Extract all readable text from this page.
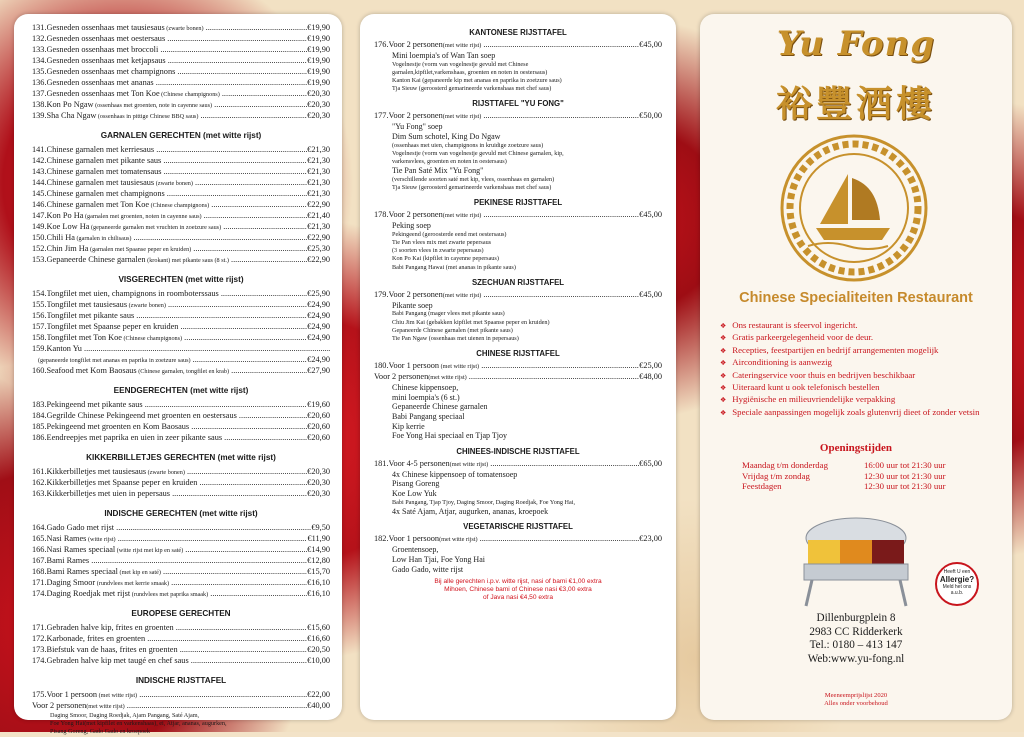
131. Gesneden ossenhaas met tausiesaus (zwarte bonen) .....	€19,90
132. Gesneden ossenhaas met oestersaus .....	€19,90
133. Gesneden ossenhaas met broccoli .....	€19,90
134. Gesneden ossenhaas met ketjapsaus .....	€19,90
135. Gesneden ossenhaas met champignons .....	€19,90
136. Gesneden ossenhaas met ananas .....	€19,90
137. Gesneden ossenhaas met Ton Koe (Chinese champignons) .....	€20,30
138. Kon Po Ngaw (ossenhaas met groenten, note in cayenne saus) .....	€20,30
139. Sha Cha Ngaw (ossenhaas in pittige Chinese BBQ saus) .....	€20,30
GARNALEN GERECHTEN (met witte rijst)
141. Chinese garnalen met kerriesaus .....	€21,30
142. Chinese garnalen met pikante saus .....	€21,30
143. Chinese garnalen met tomatensaus .....	€21,30
144. Chinese garnalen met tausiesaus (zwarte bonen) .....	€21,30
145. Chinese garnalen met champignons .....	€21,30
146. Chinese garnalen met Ton Koe (Chinese champignons) .....	€22,90
147. Kon Po Ha (garnalen met groenten, noten in cayenne saus) .....	€21,40
149. Koe Low Ha (gepaneerde garnalen met vruchten in zoetzure saus) .....	€21,30
150. Chili Ha (garnalen in chilisaus) .....	€22,90
152. Chin Jim Ha (garnalen met Spaanse peper en kruiden) .....	€25,30
153. Gepaneerde Chinese garnalen (krokant) met pikante saus (8 st.) .....	€22,90
VISGERECHTEN (met witte rijst)
154. Tongfilet met uien, champignons in roomboterssaus .....	€25,90
155. Tongfilet met tausiesaus (zwarte bonen) .....	€24,90
156. Tongfilet met pikante saus .....	€24,90
157. Tongfilet met Spaanse peper en kruiden .....	€24,90
158. Tongfilet met Ton Koe (Chinese champignons) .....	€24,90
159. Kanton Yu .....
(gepaneerde tongfilet met ananas en paprika in zoetzure saus) .....	€24,90
160. Seafood met Kom Baosaus (Chinese garnalen, tongfilet en krab) .....	€27,90
EENDGERECHTEN (met witte rijst)
183. Pekingeend met pikante saus .....	€19,60
184. Gegrilde Chinese Pekingeend met groenten en oestersaus .....	€20,60
185. Pekingeend met groenten en Kom Baosaus .....	€20,60
186. Eendreepjes met paprika en uien in zeer pikante saus .....	€20,60
KIKKERBILLETJES GERECHTEN (met witte rijst)
161. Kikkerbilletjes met tausiesaus (zwarte bonen) .....	€20,30
162. Kikkerbilletjes met Spaanse peper en kruiden .....	€20,30
163. Kikkerbilletjes met uien in pepersaus .....	€20,30
INDISCHE GERECHTEN (met witte rijst)
164. Gado Gado met rijst .....	€9,50
165. Nasi Rames (witte rijst) .....	€11,90
166. Nasi Rames speciaal (witte rijst met kip en saté) .....	€14,90
167. Bami Rames .....	€12,80
168. Bami Rames speciaal (met kip en saté) .....	€15,70
171. Daging Smoor (rundvlees met kerrie smaak) .....	€16,10
174. Daging Roedjak met rijst (rundvlees met paprika smaak) .....	€16,10
EUROPESE GERECHTEN
171. Gebraden halve kip, frites en groenten .....	€15,60
172. Karbonade, frites en groenten .....	€16,60
173. Biefstuk van de haas, frites en groenten .....	€20,50
174. Gebraden halve kip met taugé en chef saus .....	€10,00
INDISCHE RIJSTTAFEL
175. Voor 1 persoon (met witte rijst) .....	€22,00
Voor 2 personen(met witte rijst) .....	€40,00
Daging Smoor, Daging Roedjak, Ajam Pangang, Saté Ajam,
Foe Yong Hai(met kipfilet en varkenshaas), ei, Atjar, ananas, augurken,
Pisang Goreng, Gado Gado en kroepoek
KANTONESE RIJSTTAFEL
176. Voor 2 personen(met witte rijst) .....	€45,00
Mini loempia's of Wan Tan soep
Vogelnestje (vorm van vogelnestje gevuld met Chinese
garnalen,kipfilet,varkenshaas, groenten en noten in oestersaus)
Kanton Kai (gepaneerde kip met ananas en paprika in zoetzure saus)
Tja Sieuw (geroosterd gemarineerde varkenshaas met chef saus)
RIJSTTAFEL "YU FONG"
177. Voor 2 personen(met witte rijst) .....	€50,00
"Yu Fong" soep
Dim Sum schotel, King Do Ngaw
(ossenhaas met uien, champignons in kruidige zoetzure saus)
Vogelnestje (vorm van vogelnestje gevuld met Chinese garnalen, kip,
varkensvlees, groenten en noten in oestersaus)
Tie Pan Saté Mix "Yu Fong"
(verschillende soorten saté met kip, vlees, ossenhaas en garnalen)
Tja Sieuw (geroosterd gemarineerde varkenshaas met chef saus)
PEKINESE RIJSTTAFEL
178. Voor 2 personen(met witte rijst) .....	€45,00
Peking soep
Pekingeend (geroosterde eend met oestersaus)
Tie Pan vlees mix met zwarte pepersaus
(3 soorten vlees in zwarte pepersaus)
Kon Po Kai (kipfilet in cayenne pepersaus)
Babi Pangang Hawai (met ananas in pikante saus)
SZECHUAN RIJSTTAFEL
179. Voor 2 personen(met witte rijst) .....	€45,00
Pikante soep
Babi Pangang (mager vlees met pikante saus)
Chiu Jim Kai (gebakken kipfilet met Spaanse peper en kruiden)
Gepaneerde Chinese garnalen (met pikante saus)
Tie Pan Ngaw (ossenhaas met uienen in pepersaus)
CHINESE RIJSTTAFEL
180. Voor 1 persoon (met witte rijst) .....	€25,00
Voor 2 personen(met witte rijst) .....	€48,00
Chinese kippensoep,
mini loempia's (6 st.)
Gepaneerde Chinese garnalen
Babi Pangang speciaal
Kip kerrie
Foe Yong Hai speciaal en Tjap Tjoy
CHINEES-INDISCHE RIJSTTAFEL
181. Voor 4-5 personen(met witte rijst) .....	€65,00
4x Chinese kippensoep of tomatensoep
Pisang Goreng
Koe Low Yuk
Babi Pangang, Tjap Tjoy, Daging Smoor, Daging Roedjak, Foe Yong Hai,
4x Saté Ajam, Atjar, augurken, ananas, kroepoek
VEGETARISCHE RIJSTTAFEL
182. Voor 1 persoon(met witte rijst) .....	€23,00
Groentensoep,
Low Han Tjai, Foe Yong Hai
Gado Gado, witte rijst
Bij alle gerechten i.p.v. witte rijst, nasi of bami €1,00 extra
Mihoen, Chinese bami of Chinese nasi €3,00 extra
of Java nasi €4,50 extra
Yu Fong
裕豐酒樓
Chinese Specialiteiten Restaurant
❖ Ons restaurant is sfeervol ingericht.
❖ Gratis parkeergelegenheid voor de deur.
❖ Recepties, feestpartijen en bedrijf arrangementen mogelijk
❖ Airconditioning is aanwezig
❖ Cateringservice voor thuis en bedrijven beschikbaar
❖ Uiteraard kunt u ook telefonisch bestellen
❖ Hygiënische en milieuvriendelijke verpakking
❖ Speciale aanpassingen mogelijk zoals glutenvrij dieet of zonder vetsin
Openingstijden
Maandag t/m donderdag	16:00 uur tot 21:30 uur
Vrijdag t/m zondag	12:30 uur tot 21:30 uur
Feestdagen	12:30 uur tot 21:30 uur
Heeft U een
Allergie?
Meld het ons a.u.b.
Dillenburgplein 8
2983 CC Ridderkerk
Tel.: 0180 – 413 147
Web:www.yu-fong.nl
Meeneemprijslijst 2020
Alles onder voorbehoud
